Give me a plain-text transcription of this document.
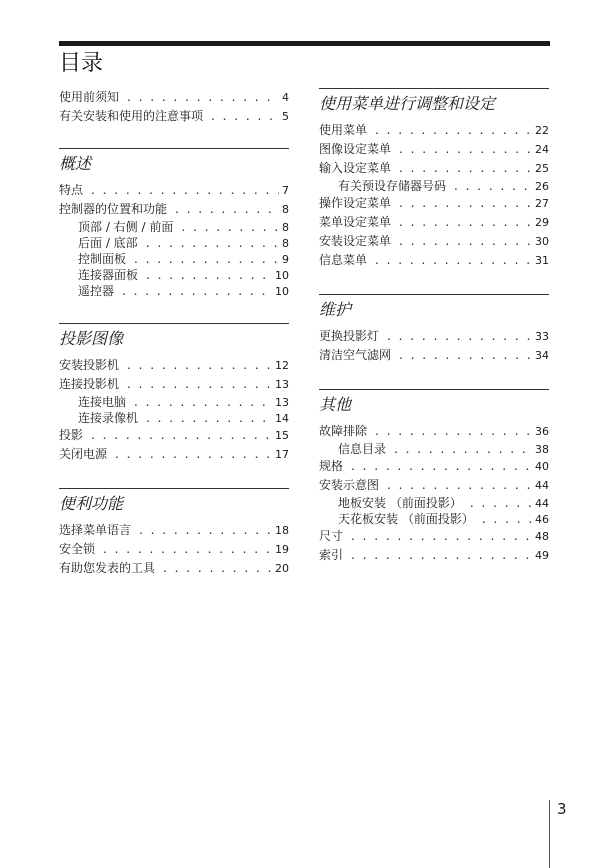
目录
使用前须知 . . .	4
有关安装和使用的注意事项 . . .	5
概述
特点 . . .	7
控制器的位置和功能 . . .	8
顶部 / 右侧 / 前面 . . .	8
后面 / 底部 . . .	8
控制面板 . . .	9
连接器面板 . . .	10
遥控器 . . .	10
投影图像
安装投影机 . . .	12
连接投影机 . . .	13
连接电脑 . . .	13
连接录像机 . . .	14
投影 . . .	15
关闭电源 . . .	17
便利功能
选择菜单语言 . . .	18
安全锁 . . .	19
有助您发表的工具 . . .	20
使用菜单进行调整和设定
使用菜单 . . .	22
图像设定菜单 . . .	24
输入设定菜单 . . .	25
有关预设存储器号码 . . .	26
操作设定菜单 . . .	27
菜单设定菜单 . . .	29
安装设定菜单 . . .	30
信息菜单 . . .	31
维护
更换投影灯 . . .	33
清洁空气滤网 . . .	34
其他
故障排除 . . .	36
信息目录 . . .	38
规格 . . .	40
安装示意图 . . .	44
地板安装 （前面投影） . . .	44
天花板安装 （前面投影） . . .	46
尺寸 . . .	48
索引 . . .	49
3
